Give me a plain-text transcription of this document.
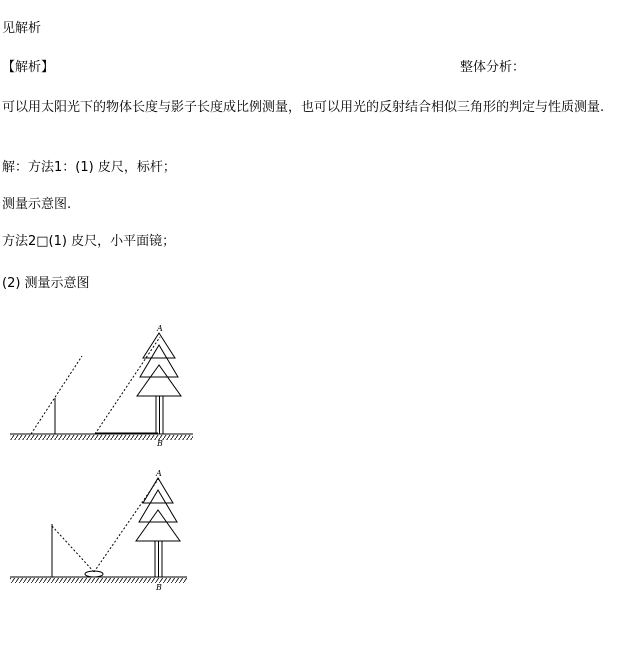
见解析
【解析】	整体分析：
可以用太阳光下的物体长度与影子长度成比例测量，也可以用光的反射结合相似三角形的判定与性质测量.
解：方法1：(1) 皮尺，标杆；
测量示意图.
方法2□(1) 皮尺，小平面镜；
(2) 测量示意图
A
B
A
B
